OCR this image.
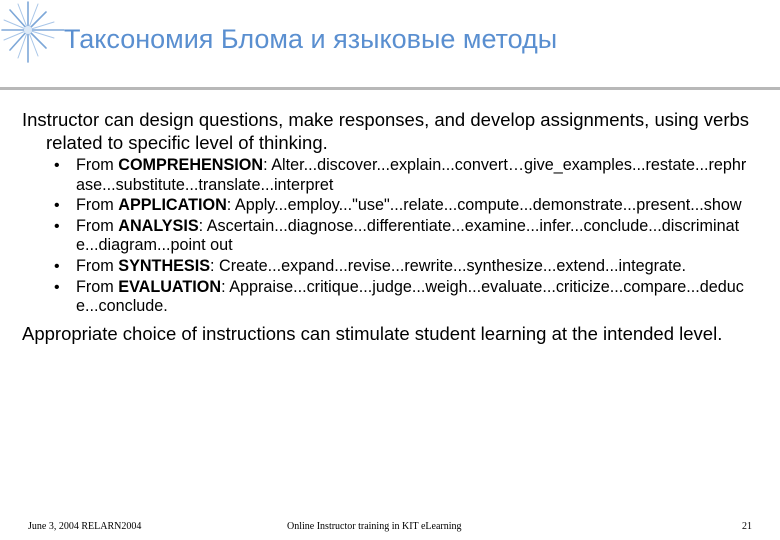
Таксономия Блома и языковые методы
Instructor can design questions, make responses, and develop assignments, using verbs related to specific level of thinking.
• From COMPREHENSION: Alter...discover...explain...convert…give_examples...restate...rephrase...substitute...translate...interpret
• From APPLICATION: Apply...employ..."use"...relate...compute...demonstrate...present...show
• From ANALYSIS: Ascertain...diagnose...differentiate...examine...infer...conclude...discriminate...diagram...point out
• From SYNTHESIS: Create...expand...revise...rewrite...synthesize...extend...integrate.
• From EVALUATION: Appraise...critique...judge...weigh...evaluate...criticize...compare...deduce...conclude.
Appropriate choice of instructions can stimulate student learning at the intended level.
June 3, 2004 RELARN2004	Online Instructor training in KIT eLearning	21
